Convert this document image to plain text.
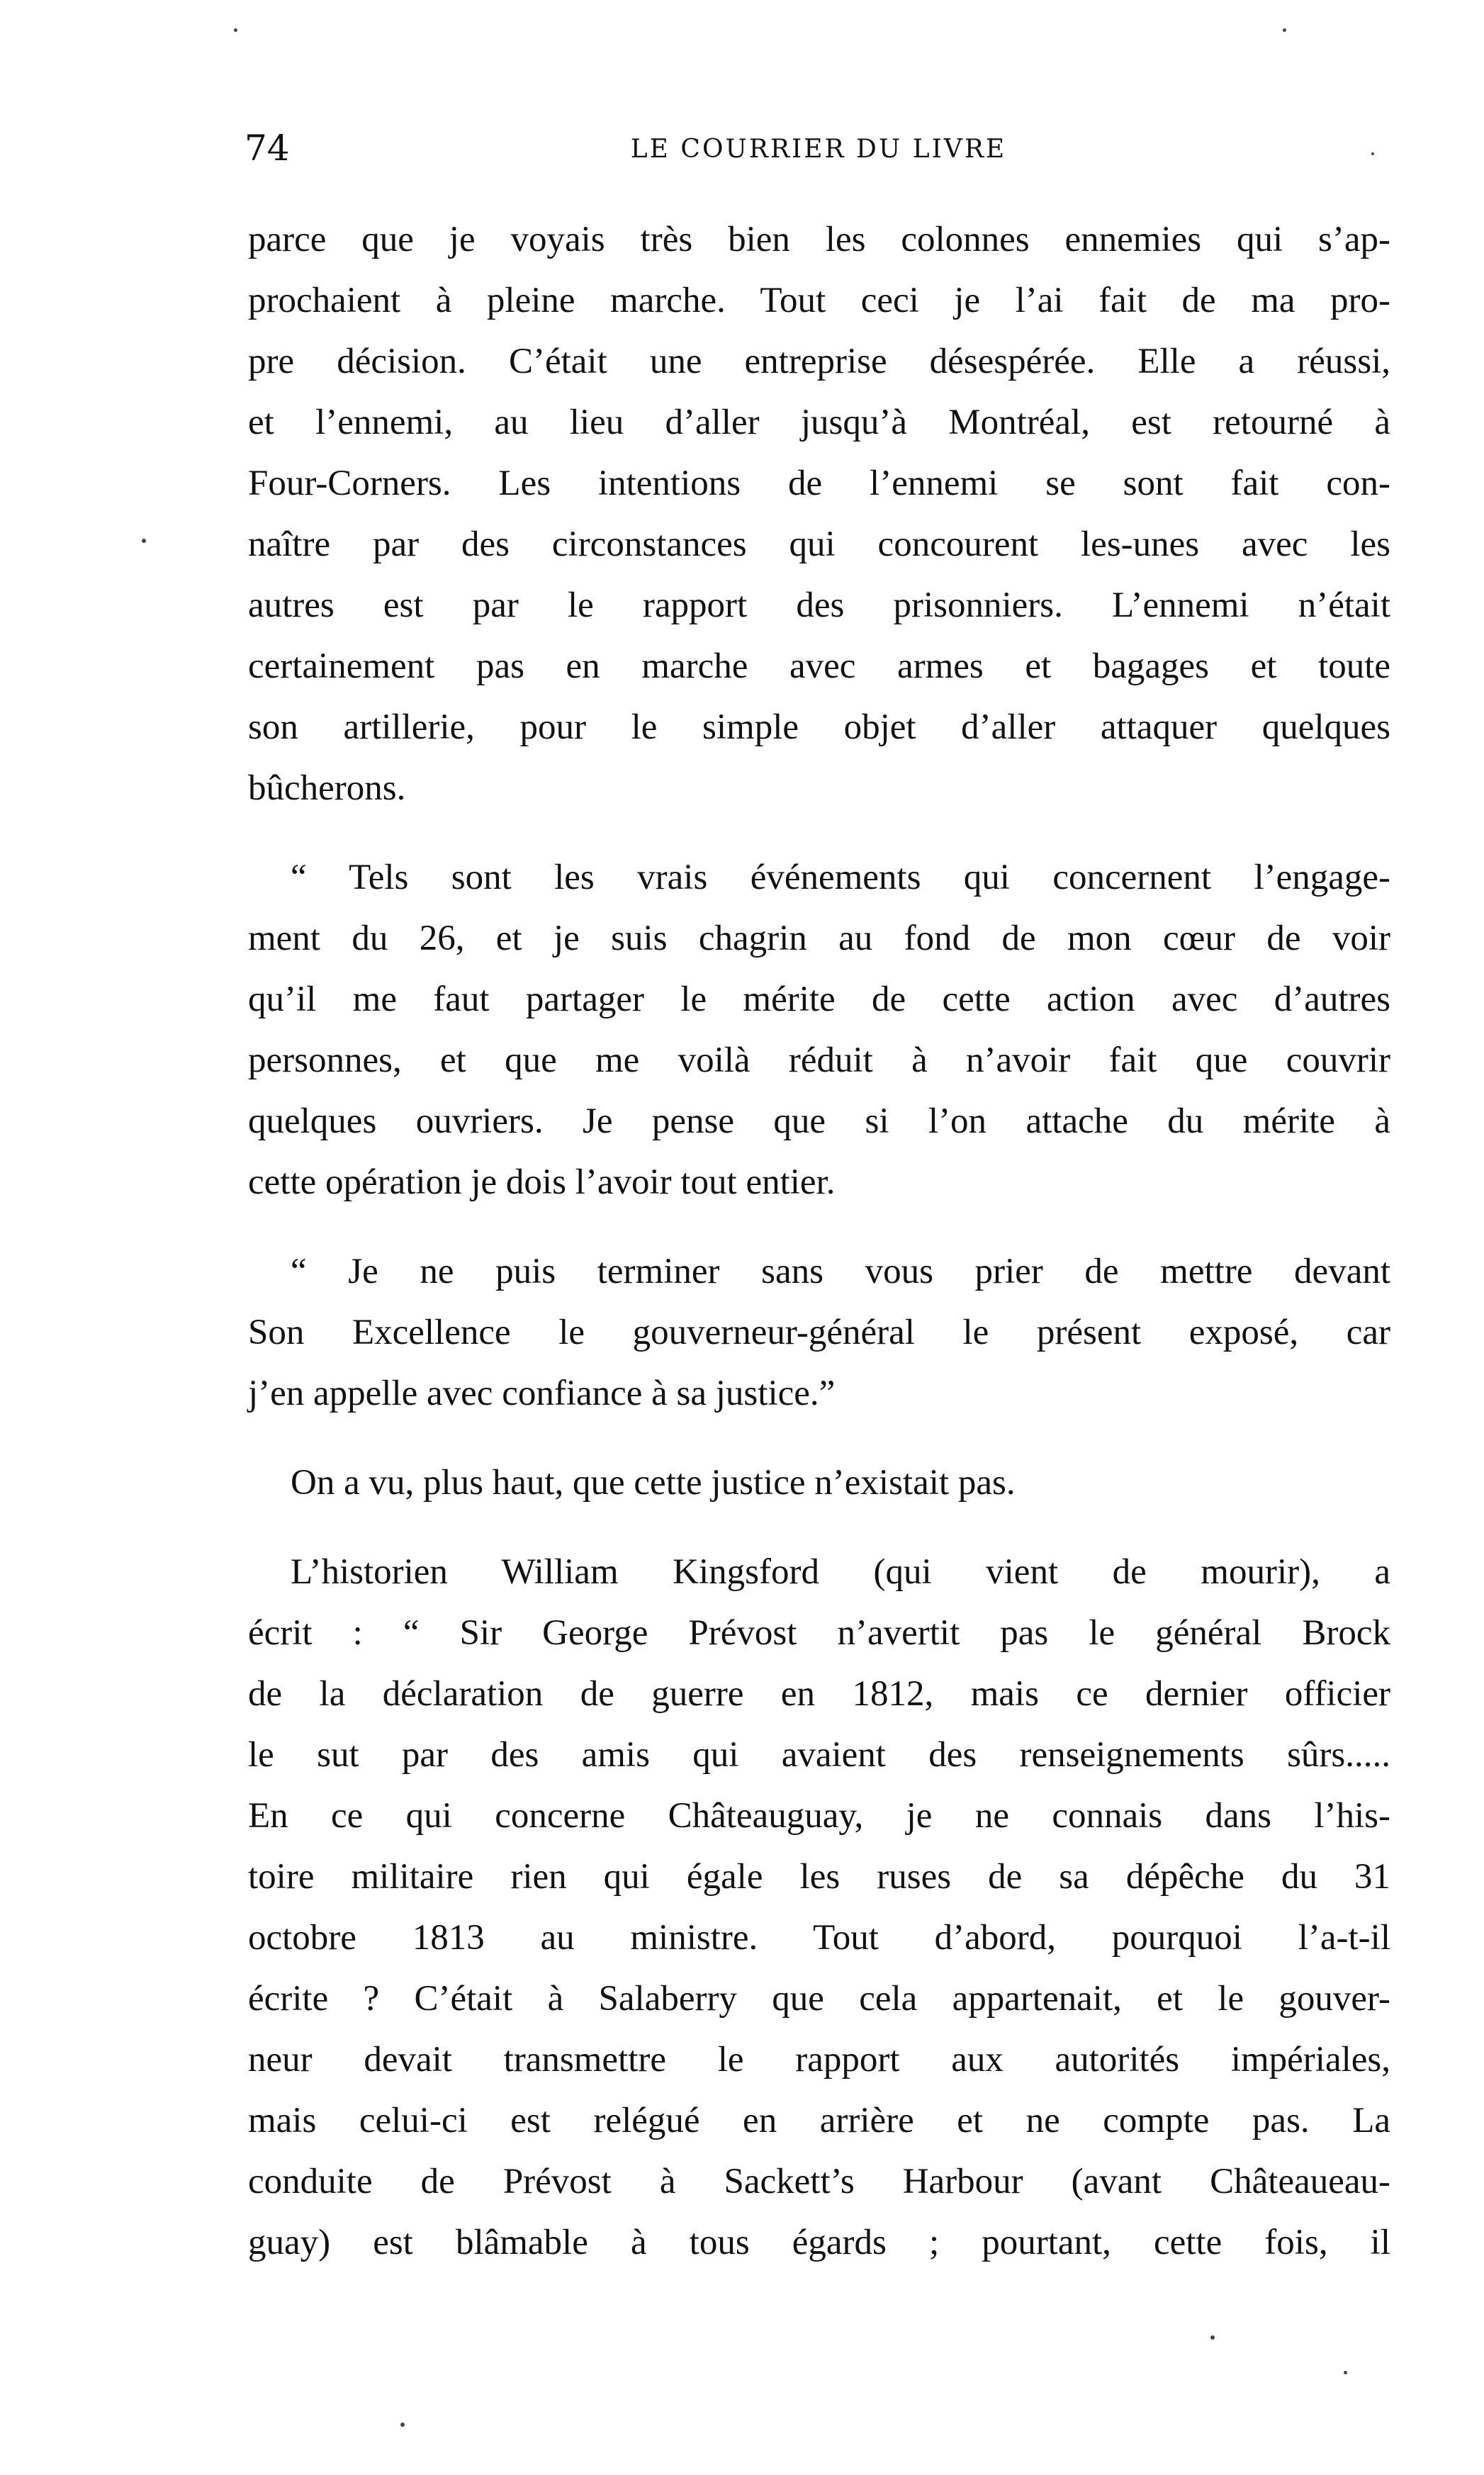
74	LE COURRIER DU LIVRE

parce que je voyais très bien les colonnes ennemies qui s’ap-
prochaient à pleine marche. Tout ceci je l’ai fait de ma pro-
pre décision. C’était une entreprise désespérée. Elle a réussi,
et l’ennemi, au lieu d’aller jusqu’à Montréal, est retourné à
Four-Corners. Les intentions de l’ennemi se sont fait con-
naître par des circonstances qui concourent les-unes avec les
autres est par le rapport des prisonniers. L’ennemi n’était
certainement pas en marche avec armes et bagages et toute
son artillerie, pour le simple objet d’aller attaquer quelques
bûcherons.

“ Tels sont les vrais événements qui concernent l’engage-
ment du 26, et je suis chagrin au fond de mon cœur de voir
qu’il me faut partager le mérite de cette action avec d’autres
personnes, et que me voilà réduit à n’avoir fait que couvrir
quelques ouvriers. Je pense que si l’on attache du mérite à
cette opération je dois l’avoir tout entier.

“ Je ne puis terminer sans vous prier de mettre devant
Son Excellence le gouverneur-général le présent exposé, car
j’en appelle avec confiance à sa justice.”

On a vu, plus haut, que cette justice n’existait pas.

L’historien William Kingsford (qui vient de mourir), a
écrit : “ Sir George Prévost n’avertit pas le général Brock
de la déclaration de guerre en 1812, mais ce dernier officier
le sut par des amis qui avaient des renseignements sûrs.....
En ce qui concerne Châteauguay, je ne connais dans l’his-
toire militaire rien qui égale les ruses de sa dépêche du 31
octobre 1813 au ministre. Tout d’abord, pourquoi l’a-t-il
écrite ? C’était à Salaberry que cela appartenait, et le gouver-
neur devait transmettre le rapport aux autorités impériales,
mais celui-ci est relégué en arrière et ne compte pas. La
conduite de Prévost à Sackett’s Harbour (avant Châteaueau-
guay) est blâmable à tous égards ; pourtant, cette fois, il
